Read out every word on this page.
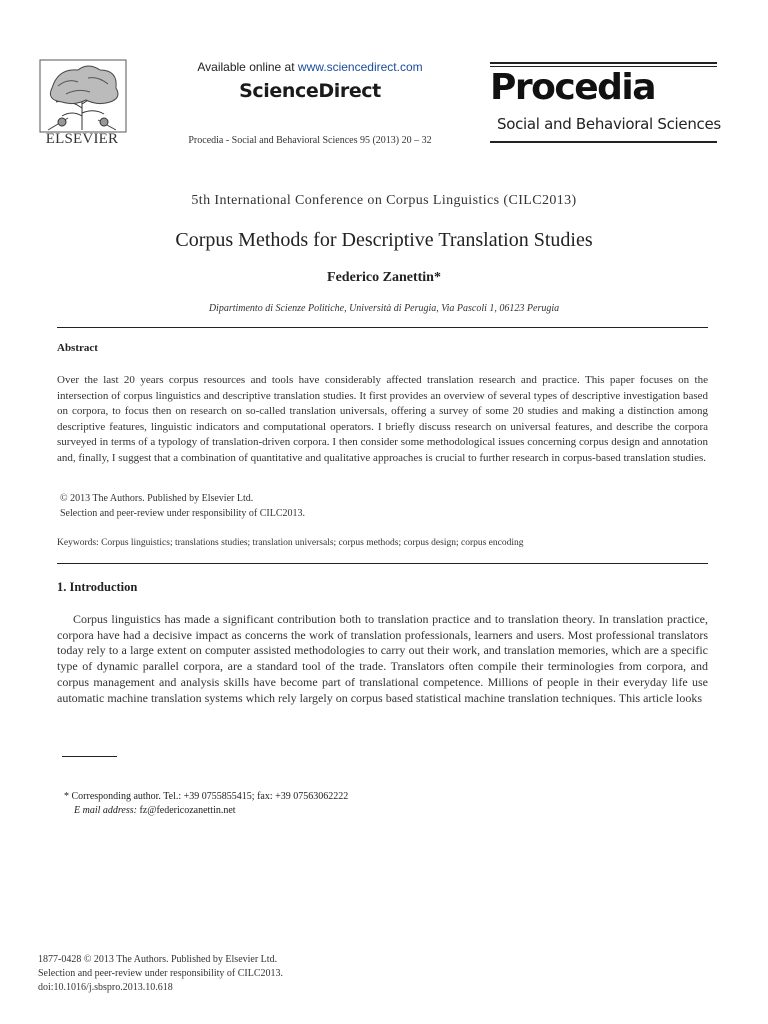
ELSEVIER
Available online at www.sciencedirect.com
ScienceDirect
Procedia - Social and Behavioral Sciences 95 (2013) 20 – 32
Procedia
Social and Behavioral Sciences
5th International Conference on Corpus Linguistics (CILC2013)
Corpus Methods for Descriptive Translation Studies
Federico Zanettin*
Dipartimento di Scienze Politiche, Università di Perugia, Via Pascoli 1, 06123 Perugia
Abstract
Over the last 20 years corpus resources and tools have considerably affected translation research and practice. This paper focuses on the intersection of corpus linguistics and descriptive translation studies. It first provides an overview of several types of descriptive investigation based on corpora, to focus then on research on so-called translation universals, offering a survey of some 20 studies and making a distinction among descriptive features, linguistic indicators and computational operators. I briefly discuss research on universal features, and describe the corpora surveyed in terms of a typology of translation-driven corpora. I then consider some methodological issues concerning corpus design and annotation and, finally, I suggest that a combination of quantitative and qualitative approaches is crucial to further research in corpus-based translation studies.
© 2013 The Authors. Published by Elsevier Ltd.
Selection and peer-review under responsibility of CILC2013.
Keywords: Corpus linguistics; translations studies; translation universals; corpus methods; corpus design; corpus encoding
1. Introduction
Corpus linguistics has made a significant contribution both to translation practice and to translation theory. In translation practice, corpora have had a decisive impact as concerns the work of translation professionals, learners and users. Most professional translators today rely to a large extent on computer assisted methodologies to carry out their work, and translation memories, which are a specific type of dynamic parallel corpora, are a standard tool of the trade. Translators often compile their terminologies from corpora, and corpus management and analysis skills have become part of translational competence. Millions of people in their everyday life use automatic machine translation systems which rely largely on corpus based statistical machine translation techniques. This article looks
* Corresponding author. Tel.: +39 0755855415; fax: +39 07563062222
E mail address: fz@federicozanettin.net
1877-0428 © 2013 The Authors. Published by Elsevier Ltd.
Selection and peer-review under responsibility of CILC2013.
doi:10.1016/j.sbspro.2013.10.618
